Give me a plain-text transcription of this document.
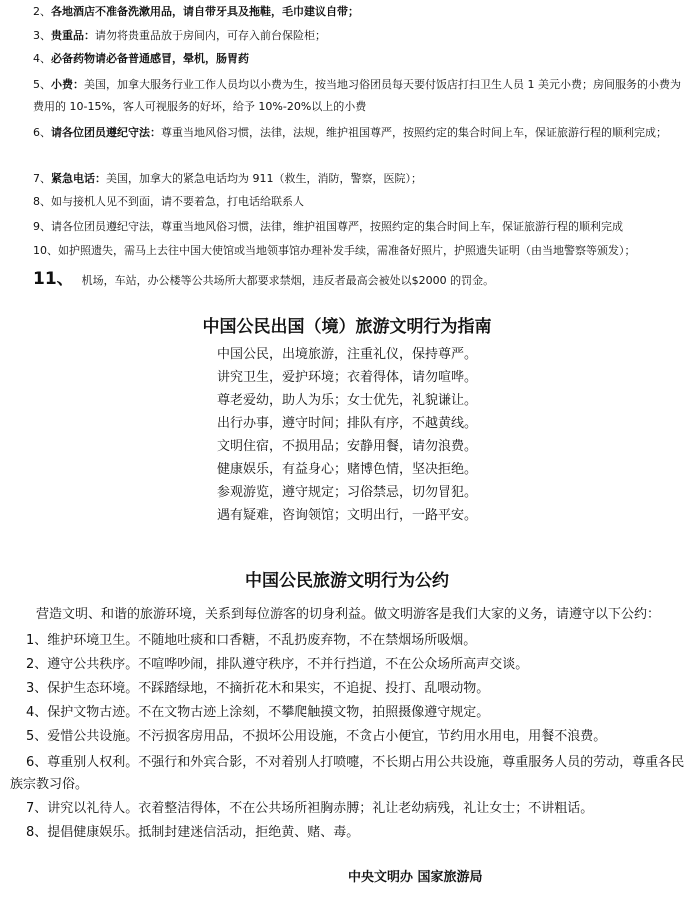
2、各地酒店不准备洗漱用品，请自带牙具及拖鞋，毛巾建议自带；
3、贵重品：请勿将贵重品放于房间内，可存入前台保险柜；
4、必备药物请必备普通感冒，晕机，肠胃药
5、小费：美国，加拿大服务行业工作人员均以小费为生，按当地习俗团员每天要付饭店打扫卫生人员 1 美元小费；房间服务的小费为费用的 10-15%，客人可视服务的好坏，给予 10%-20%以上的小费
6、请各位团员遵纪守法：尊重当地风俗习惯，法律，法规，维护祖国尊严，按照约定的集合时间上车，保证旅游行程的顺利完成；
7、紧急电话：美国，加拿大的紧急电话均为 911（救生，消防，警察，医院）；
8、如与接机人见不到面，请不要着急，打电话给联系人
9、请各位团员遵纪守法，尊重当地风俗习惯，法律，维护祖国尊严，按照约定的集合时间上车，保证旅游行程的顺利完成
10、如护照遗失，需马上去往中国大使馆或当地领事馆办理补发手续，需准备好照片，护照遗失证明（由当地警察等颁发）；
11、 机场，车站，办公楼等公共场所大都要求禁烟，违反者最高会被处以$2000 的罚金。
中国公民出国（境）旅游文明行为指南
中国公民，出境旅游，注重礼仪，保持尊严。
讲究卫生，爱护环境；衣着得体，请勿喧哗。
尊老爱幼，助人为乐；女士优先，礼貌谦让。
出行办事，遵守时间；排队有序，不越黄线。
文明住宿，不损用品；安静用餐，请勿浪费。
健康娱乐，有益身心；赌博色情，坚决拒绝。
参观游览，遵守规定；习俗禁忌，切勿冒犯。
遇有疑难，咨询领馆；文明出行，一路平安。
中国公民旅游文明行为公约
营造文明、和谐的旅游环境，关系到每位游客的切身利益。做文明游客是我们大家的义务，请遵守以下公约：
1、维护环境卫生。不随地吐痰和口香糖，不乱扔废弃物，不在禁烟场所吸烟。
2、遵守公共秩序。不喧哗吵闹，排队遵守秩序，不并行挡道，不在公众场所高声交谈。
3、保护生态环境。不踩踏绿地，不摘折花木和果实，不追捉、投打、乱喂动物。
4、保护文物古迹。不在文物古迹上涂刻，不攀爬触摸文物，拍照摄像遵守规定。
5、爱惜公共设施。不污损客房用品，不损坏公用设施，不贪占小便宜，节约用水用电，用餐不浪费。
6、尊重别人权利。不强行和外宾合影，不对着别人打喷嚏，不长期占用公共设施，尊重服务人员的劳动，尊重各民族宗教习俗。
7、讲究以礼待人。衣着整洁得体，不在公共场所袒胸赤膊；礼让老幼病残，礼让女士；不讲粗话。
8、提倡健康娱乐。抵制封建迷信活动，拒绝黄、赌、毒。
中央文明办 国家旅游局
